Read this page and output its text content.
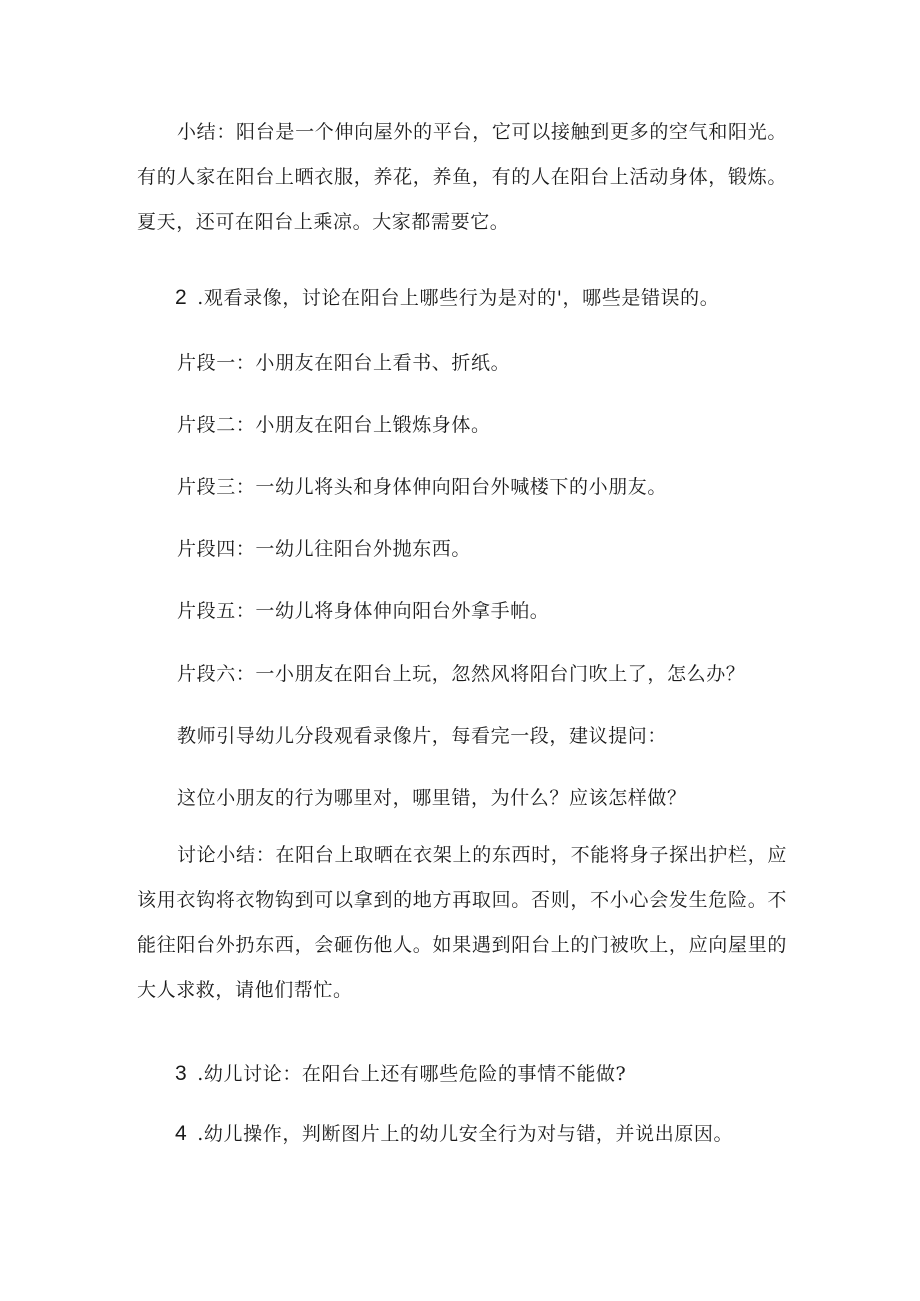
小结：阳台是一个伸向屋外的平台，它可以接触到更多的空气和阳光。有的人家在阳台上晒衣服，养花，养鱼，有的人在阳台上活动身体，锻炼。夏天，还可在阳台上乘凉。大家都需要它。

2 .观看录像，讨论在阳台上哪些行为是对的'，哪些是错误的。

片段一：小朋友在阳台上看书、折纸。

片段二：小朋友在阳台上锻炼身体。

片段三：一幼儿将头和身体伸向阳台外喊楼下的小朋友。

片段四：一幼儿往阳台外抛东西。

片段五：一幼儿将身体伸向阳台外拿手帕。

片段六：一小朋友在阳台上玩，忽然风将阳台门吹上了，怎么办？

教师引导幼儿分段观看录像片，每看完一段，建议提问：

这位小朋友的行为哪里对，哪里错，为什么？应该怎样做？

讨论小结：在阳台上取晒在衣架上的东西时，不能将身子探出护栏，应该用衣钩将衣物钩到可以拿到的地方再取回。否则，不小心会发生危险。不能往阳台外扔东西，会砸伤他人。如果遇到阳台上的门被吹上，应向屋里的大人求救，请他们帮忙。

3 .幼儿讨论：在阳台上还有哪些危险的事情不能做?

4 .幼儿操作，判断图片上的幼儿安全行为对与错，并说出原因。
